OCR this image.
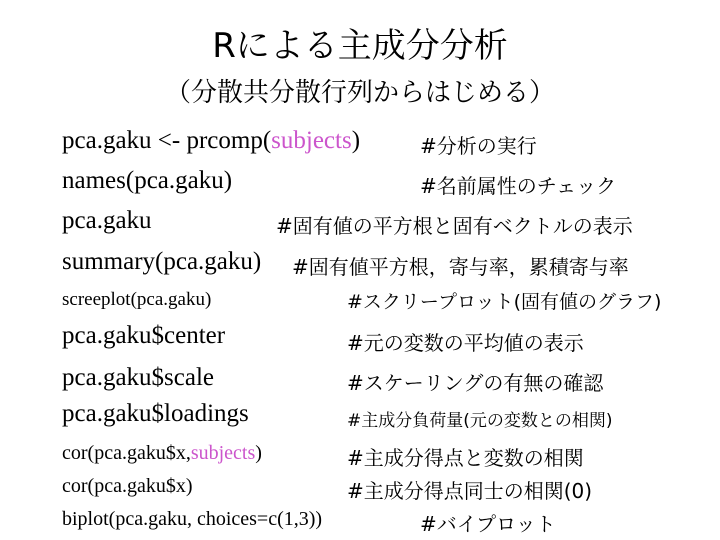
Rによる主成分分析
（分散共分散行列からはじめる）
pca.gaku <- prcomp(subjects)	#分析の実行
names(pca.gaku)	#名前属性のチェック
pca.gaku	#固有値の平方根と固有ベクトルの表示
summary(pca.gaku) #固有値平方根，寄与率，累積寄与率
screeplot(pca.gaku)	#スクリープロット(固有値のグラフ)
pca.gaku$center	#元の変数の平均値の表示
pca.gaku$scale	#スケーリングの有無の確認
pca.gaku$loadings	#主成分負荷量(元の変数との相関)
cor(pca.gaku$x,subjects)	#主成分得点と変数の相関
cor(pca.gaku$x)	#主成分得点同士の相関(0)
biplot(pca.gaku, choices=c(1,3))	#バイプロット
